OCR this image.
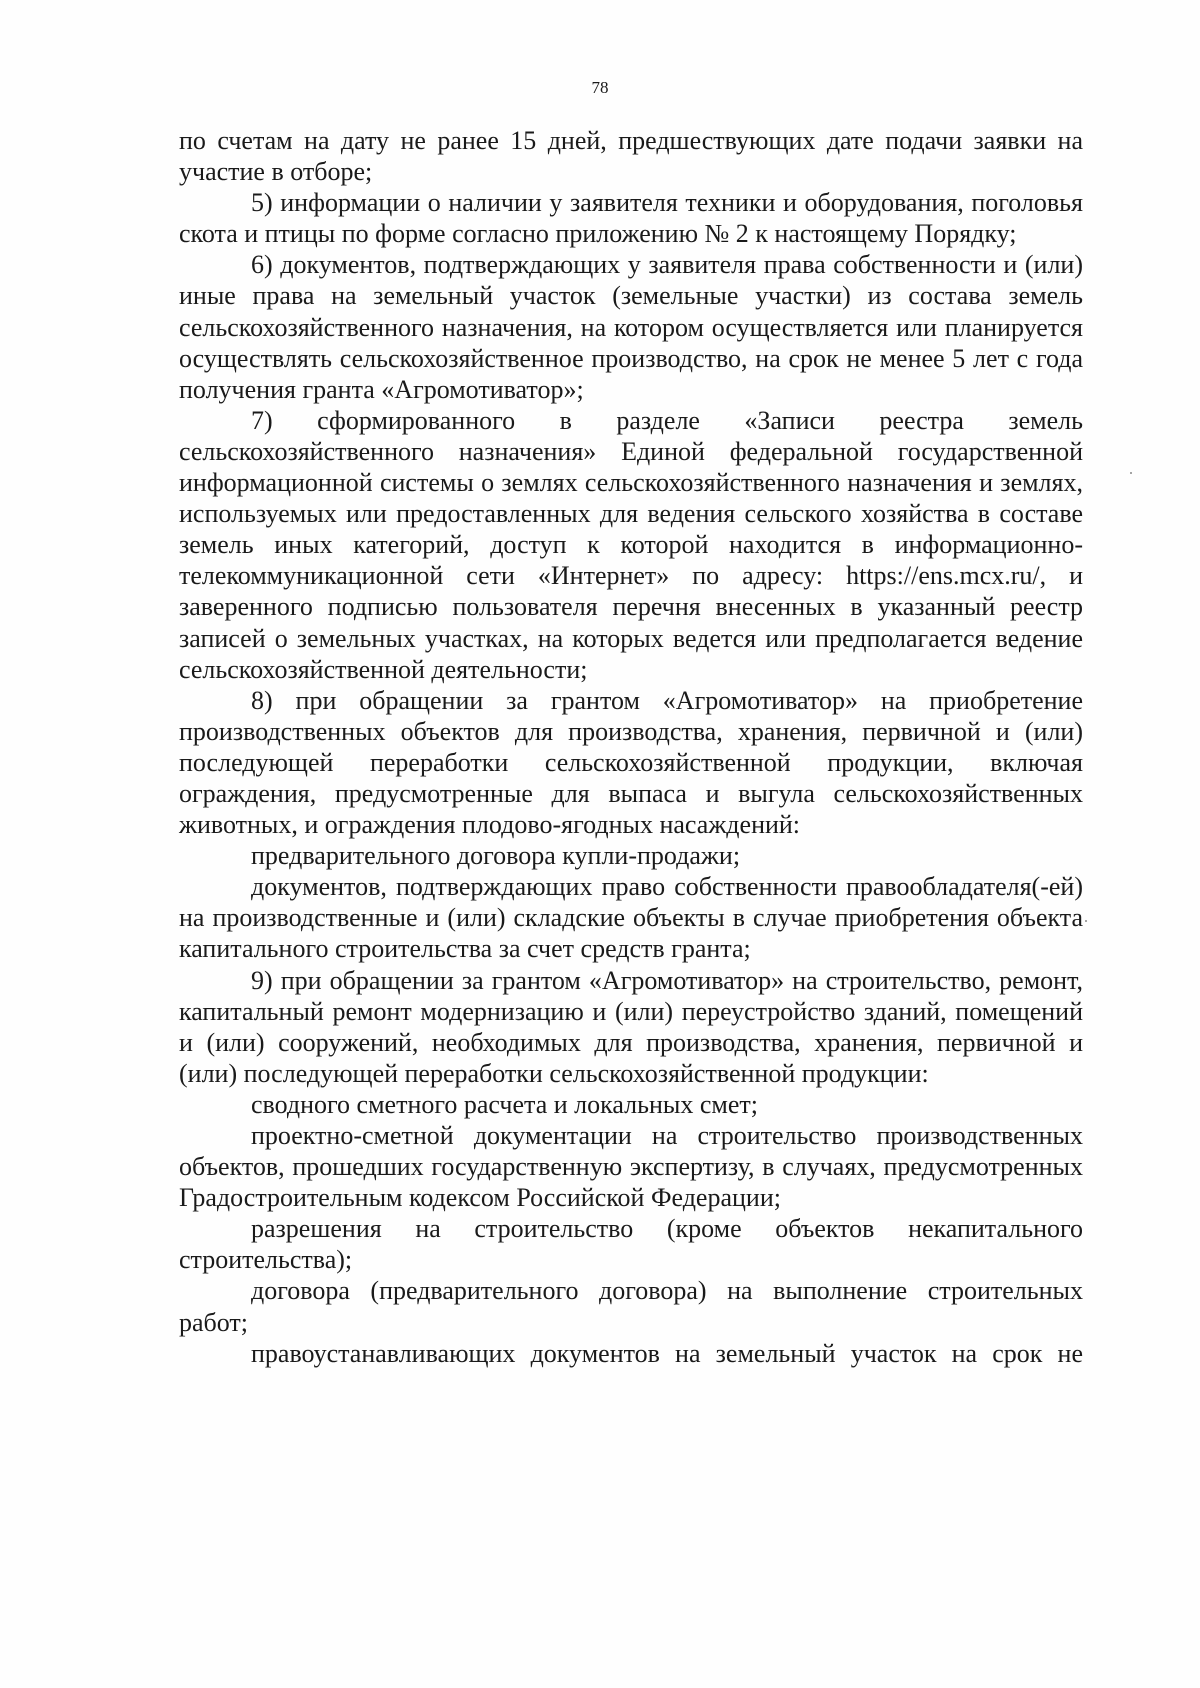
78

по счетам на дату не ранее 15 дней, предшествующих дате подачи заявки на участие в отборе;

5) информации о наличии у заявителя техники и оборудования, поголовья скота и птицы по форме согласно приложению № 2 к настоящему Порядку;

6) документов, подтверждающих у заявителя права собственности и (или) иные права на земельный участок (земельные участки) из состава земель сельскохозяйственного назначения, на котором осуществляется или планируется осуществлять сельскохозяйственное производство, на срок не менее 5 лет с года получения гранта «Агромотиватор»;

7) сформированного в разделе «Записи реестра земель сельскохозяйственного назначения» Единой федеральной государственной информационной системы о землях сельскохозяйственного назначения и землях, используемых или предоставленных для ведения сельского хозяйства в составе земель иных категорий, доступ к которой находится в информационно-телекоммуникационной сети «Интернет» по адресу: https://ens.mcx.ru/, и заверенного подписью пользователя перечня внесенных в указанный реестр записей о земельных участках, на которых ведется или предполагается ведение сельскохозяйственной деятельности;

8) при обращении за грантом «Агромотиватор» на приобретение производственных объектов для производства, хранения, первичной и (или) последующей переработки сельскохозяйственной продукции, включая ограждения, предусмотренные для выпаса и выгула сельскохозяйственных животных, и ограждения плодово-ягодных насаждений:

предварительного договора купли-продажи;

документов, подтверждающих право собственности правообладателя(-ей) на производственные и (или) складские объекты в случае приобретения объекта капитального строительства за счет средств гранта;

9) при обращении за грантом «Агромотиватор» на строительство, ремонт, капитальный ремонт модернизацию и (или) переустройство зданий, помещений и (или) сооружений, необходимых для производства, хранения, первичной и (или) последующей переработки сельскохозяйственной продукции:

сводного сметного расчета и локальных смет;

проектно-сметной документации на строительство производственных объектов, прошедших государственную экспертизу, в случаях, предусмотренных Градостроительным кодексом Российской Федерации;

разрешения на строительство (кроме объектов некапитального строительства);

договора (предварительного договора) на выполнение строительных работ;

правоустанавливающих документов на земельный участок на срок не
